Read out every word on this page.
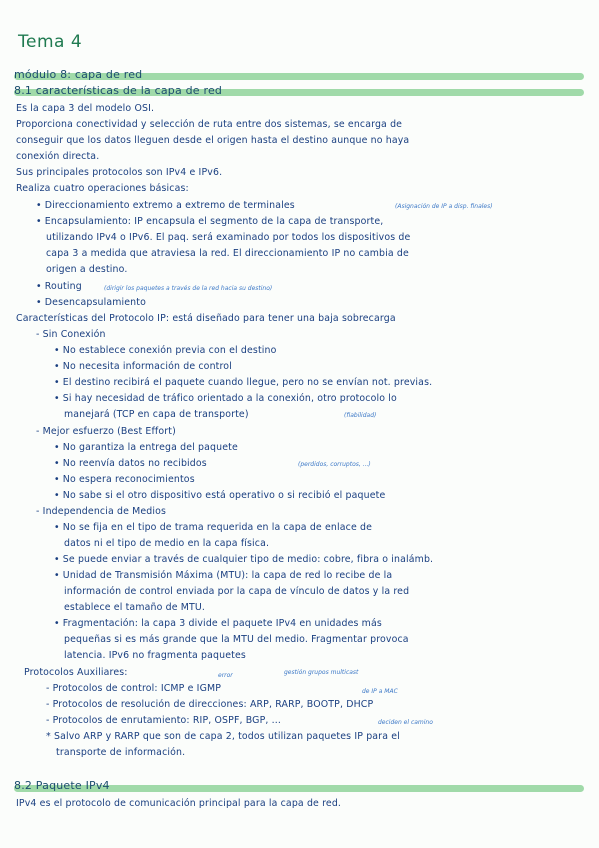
Tema 4
módulo 8: capa de red
8.1 características de la capa de red
Es la capa 3 del modelo OSI.
Proporciona conectividad y selección de ruta entre dos sistemas, se encarga de
conseguir que los datos lleguen desde el origen hasta el destino aunque no haya
conexión directa.
Sus principales protocolos son IPv4 e IPv6.
Realiza cuatro operaciones básicas:
• Direccionamiento extremo a extremo de terminales	(Asignación de IP a disp. finales)
• Encapsulamiento: IP encapsula el segmento de la capa de transporte,
utilizando IPv4 o IPv6. El paq. será examinado por todos los dispositivos de
capa 3 a medida que atraviesa la red. El direccionamiento IP no cambia de
origen a destino.
• Routing	(dirigir los paquetes a través de la red hacia su destino)
• Desencapsulamiento
Características del Protocolo IP: está diseñado para tener una baja sobrecarga
- Sin Conexión
• No establece conexión previa con el destino
• No necesita información de control
• El destino recibirá el paquete cuando llegue, pero no se envían not. previas.
• Si hay necesidad de tráfico orientado a la conexión, otro protocolo lo
manejará (TCP en capa de transporte)	(fiabilidad)
- Mejor esfuerzo (Best Effort)
• No garantiza la entrega del paquete
• No reenvía datos no recibidos	(perdidos, corruptos, ...)
• No espera reconocimientos
• No sabe si el otro dispositivo está operativo o si recibió el paquete
- Independencia de Medios
• No se fija en el tipo de trama requerida en la capa de enlace de
datos ni el tipo de medio en la capa física.
• Se puede enviar a través de cualquier tipo de medio: cobre, fibra o inalámb.
• Unidad de Transmisión Máxima (MTU): la capa de red lo recibe de la
información de control enviada por la capa de vínculo de datos y la red
establece el tamaño de MTU.
• Fragmentación: la capa 3 divide el paquete IPv4 en unidades más
pequeñas si es más grande que la MTU del medio. Fragmentar provoca
latencia. IPv6 no fragmenta paquetes
Protocolos Auxiliares:	error	gestión grupos multicast
- Protocolos de control: ICMP e IGMP	de IP a MAC
- Protocolos de resolución de direcciones: ARP, RARP, BOOTP, DHCP
- Protocolos de enrutamiento: RIP, OSPF, BGP, ...	deciden el camino
* Salvo ARP y RARP que son de capa 2, todos utilizan paquetes IP para el
transporte de información.
8.2 Paquete IPv4
IPv4 es el protocolo de comunicación principal para la capa de red.
